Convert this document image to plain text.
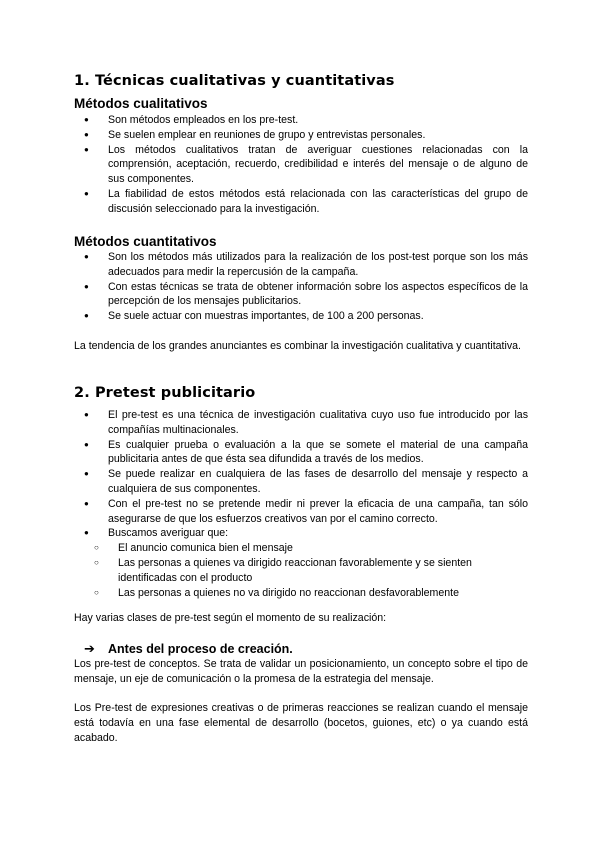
1. Técnicas cualitativas y cuantitativas
Métodos cualitativos
● Son métodos empleados en los pre-test.
● Se suelen emplear en reuniones de grupo y entrevistas personales.
● Los métodos cualitativos tratan de averiguar cuestiones relacionadas con la comprensión, aceptación, recuerdo, credibilidad e interés del mensaje o de alguno de sus componentes.
● La fiabilidad de estos métodos está relacionada con las características del grupo de discusión seleccionado para la investigación.
Métodos cuantitativos
● Son los métodos más utilizados para la realización de los post-test porque son los más adecuados para medir la repercusión de la campaña.
● Con estas técnicas se trata de obtener información sobre los aspectos específicos de la percepción de los mensajes publicitarios.
● Se suele actuar con muestras importantes, de 100 a 200 personas.

La tendencia de los grandes anunciantes es combinar la investigación cualitativa y cuantitativa.

2. Pretest publicitario
● El pre-test es una técnica de investigación cualitativa cuyo uso fue introducido por las compañías multinacionales.
● Es cualquier prueba o evaluación a la que se somete el material de una campaña publicitaria antes de que ésta sea difundida a través de los medios.
● Se puede realizar en cualquiera de las fases de desarrollo del mensaje y respecto a cualquiera de sus componentes.
● Con el pre-test no se pretende medir ni prever la eficacia de una campaña, tan sólo asegurarse de que los esfuerzos creativos van por el camino correcto.
● Buscamos averiguar que:
○ El anuncio comunica bien el mensaje
○ Las personas a quienes va dirigido reaccionan favorablemente y se sienten identificadas con el producto
○ Las personas a quienes no va dirigido no reaccionan desfavorablemente

Hay varias clases de pre-test según el momento de su realización:

➔ Antes del proceso de creación.

Los pre-test de conceptos. Se trata de validar un posicionamiento, un concepto sobre el tipo de mensaje, un eje de comunicación o la promesa de la estrategia del mensaje.

Los Pre-test de expresiones creativas o de primeras reacciones se realizan cuando el mensaje está todavía en una fase elemental de desarrollo (bocetos, guiones, etc) o ya cuando está acabado.
